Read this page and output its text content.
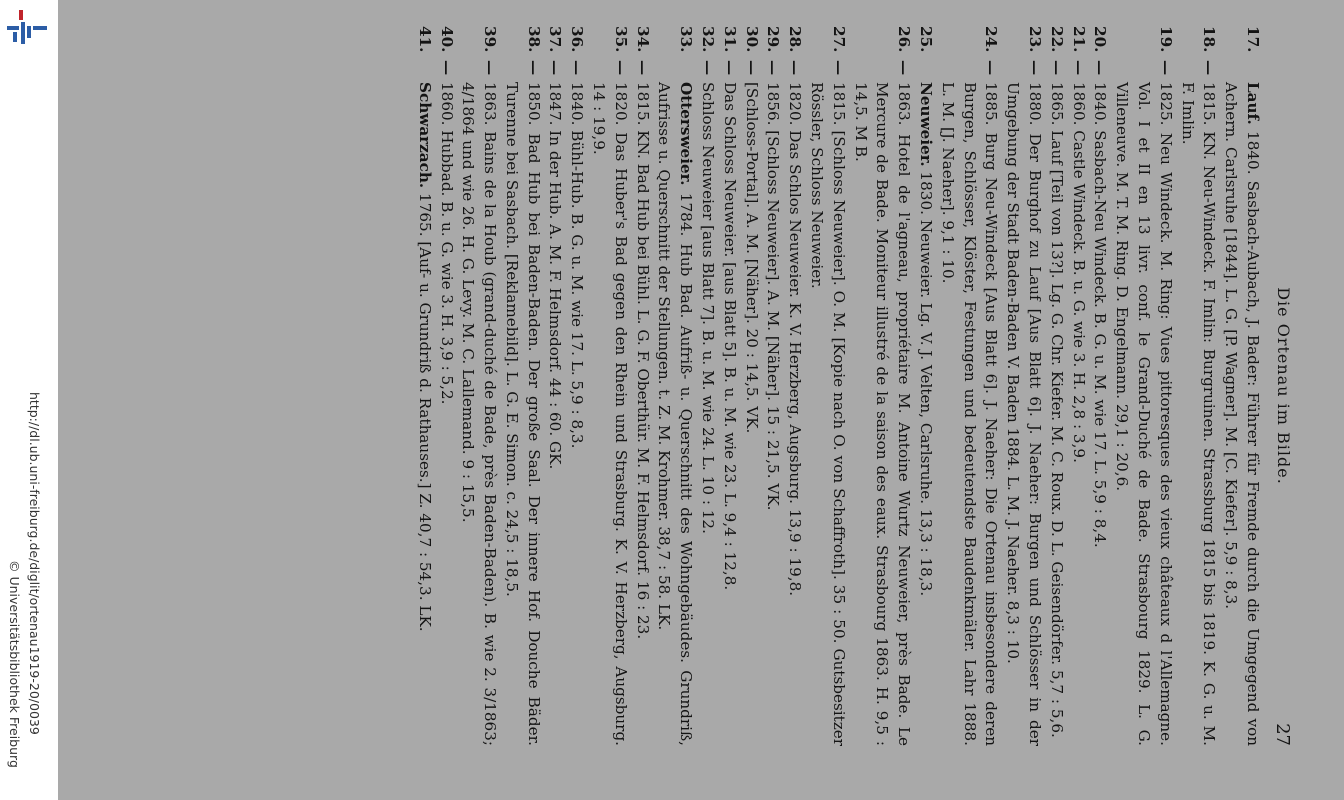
http://dl.ub.uni-freiburg.de/diglit/ortenau1919-20/0039
© Universitätsbibliothek Freiburg
Die Ortenau im Bilde.
27
17.
Lauf. 1840. Sasbach-Aubach, J. Bader: Führer für Fremde durch die Umgegend von Achern. Carlsruhe [1844]. L. G. [P. Wagner]. M. [C. Kiefer]. 5,9 : 8,3.
18.
—
1815. KN. Neu-Windeck. F. Imlin: Burgruinen. Strassburg 1815 bis 1819. K. G. u. M. F. Imlin.
19.
—
1825. Neu Windeck. M. Ring: Vues pittoresques des vieux châteaux d l'Allemagne. Vol. I et II en 13 livr. conf. le Grand-Duché de Bade. Strasbourg 1829. L. G. Villeneuve. M. T. M. Ring. D. Engelmann. 29,1 : 20,6.
20.
—
1840. Sasbach-Neu Windeck. B. G. u. M. wie 17. L. 5,9 : 8,4.
21.
—
1860. Castle Windeck. B. u. G. wie 3. H. 2,8 : 3,9.
22.
—
1865. Lauf [Teil von 13?]. Lg. G. Chr. Kiefer. M. C. Roux. D. L. Geisendörfer. 5,7 : 5,6.
23.
—
1880. Der Burghof zu Lauf [Aus Blatt 6]. J. Naeher: Burgen und Schlösser in der Umgebung der Stadt Baden-Baden V. Baden 1884. L. M. J. Naeher. 8,3 : 10.
24.
—
1885. Burg Neu-Windeck [Aus Blatt 6]. J. Naeher: Die Ortenau insbesondere deren Burgen, Schlösser, Klöster, Festungen und bedeutendste Baudenkmäler. Lahr 1888. L. M. [J. Naeher]. 9,1 : 10.
25.
Neuweier. 1830. Neuweier. Lg. V. J. Velten, Carlsruhe. 13,3 : 18,3.
26.
—
1863. Hotel de l'agneau, propriétaire M. Antoine Wurtz Neuweier, près Bade. Le Mercure de Bade. Moniteur illustré de la saison des eaux. Strasbourg 1863. H. 9,5 : 14,5. M B.
27.
—
1815. [Schloss Neuweier]. O. M. [Kopie nach O. von Schaffroth]. 35 : 50. Gutsbesitzer Rössler, Schloss Neuweier.
28.
—
1820. Das Schlos Neuweier. K. V. Herzberg, Augsburg. 13,9 : 19,8.
29.
—
1856. [Schloss Neuweier]. A. M. [Näher]. 15 : 21,5. VK.
30.
—
[Schloss-Portal]. A. M. [Näher]. 20 : 14,5. VK.
31.
—
Das Schloss Neuweier. [aus Blatt 5]. B. u. M. wie 23. L. 9,4 : 12,8.
32.
—
Schloss Neuweier [aus Blatt 7]. B. u. M. wie 24. L. 10 : 12.
33.
Ottersweier. 1784. Hub Bad. Aufriß- u. Querschnitt des Wohngebäudes. Grundriß, Aufrisse u. Querschnitt der Stellungen. t. Z. M. Krohmer. 38,7 : 58. LK.
34.
—
1815. KN. Bad Hub bei Bühl. L. G. F. Oberthür. M. F. Helmsdorf. 16 : 23.
35.
—
1820. Das Huber's Bad gegen den Rhein und Strasburg. K. V. Herzberg, Augsburg. 14 : 19,9.
36.
—
1840. Bühl-Hub. B. G. u. M. wie 17. L. 5,9 : 8,3.
37.
—
1847. In der Hub. A. M. F. Helmsdorf. 44 : 60. GK.
38.
—
1850. Bad Hub bei Baden-Baden. Der große Saal. Der innere Hof. Douche Bäder. Turenne bei Sasbach. [Reklamebild]. L. G. E. Simon. c. 24,5 : 18,5.
39.
—
1863. Bains de la Houb (grand-duché de Bade, près Baden-Baden). B. wie 2. 3/1863; 4/1864 und wie 26. H. G. Levy. M. C. Lallemand. 9 : 15,5.
40.
—
1860. Hubbad. B. u. G. wie 3. H. 3,9 : 5,2.
41.
Schwarzach. 1765. [Auf- u. Grundriß d. Rathauses.] Z. 40,7 : 54,3. LK.
